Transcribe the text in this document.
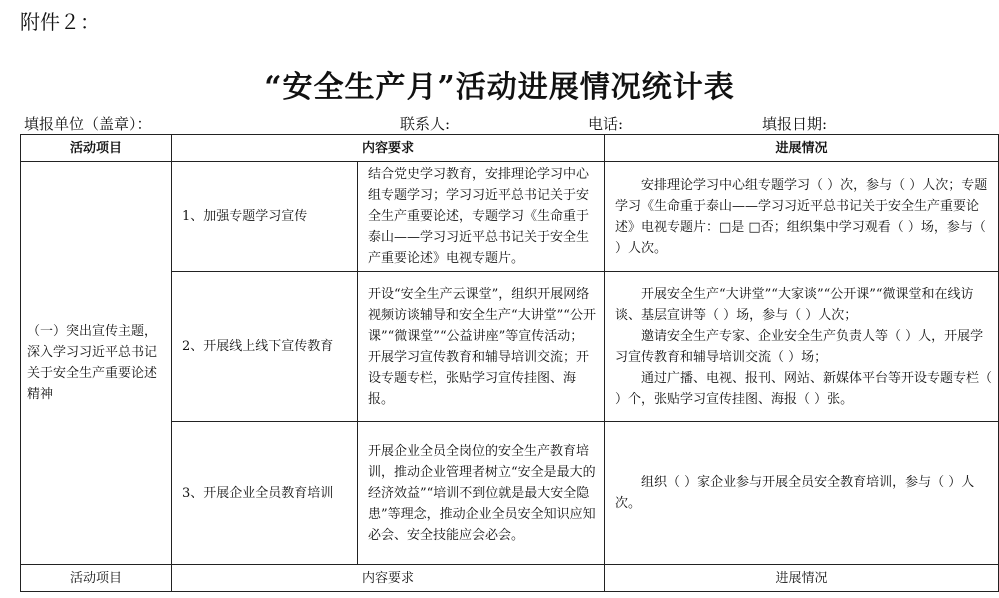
附件２：
“安全生产月”活动进展情况统计表
填报单位（盖章）：	联系人:	电话:	填报日期:
活动项目	内容要求		进展情况
（一）突出宣传主题，深入学习习近平总书记关于安全生产重要论述精神	1、加强专题学习宣传	结合党史学习教育，安排理论学习中心组专题学习；学习习近平总书记关于安全生产重要论述，专题学习《生命重于泰山——学习习近平总书记关于安全生产重要论述》电视专题片。	安排理论学习中心组专题学习（ ）次，参与（ ）人次；专题学习《生命重于泰山——学习习近平总书记关于安全生产重要论述》电视专题片：□是 □否；组织集中学习观看（ ）场，参与（ ）人次。

	2、开展线上线下宣传教育	开设“安全生产云课堂”，组织开展网络视频访谈辅导和安全生产“大讲堂”“公开课”“微课堂”“公益讲座”等宣传活动；开展学习宣传教育和辅导培训交流；开设专题专栏，张贴学习宣传挂图、海报。	开展安全生产“大讲堂”“大家谈”“公开课”“微课堂和在线访谈、基层宣讲等（ ）场，参与（ ）人次；

邀请安全生产专家、企业安全生产负责人等（ ）人，开展学习宣传教育和辅导培训交流（ ）场；

通过广播、电视、报刊、网站、新媒体平台等开设专题专栏（ ）个，张贴学习宣传挂图、海报（ ）张。

	3、开展企业全员教育培训	开展企业全员全岗位的安全生产教育培训，推动企业管理者树立“安全是最大的经济效益”“培训不到位就是最大安全隐患”等理念，推动企业全员安全知识应知必会、安全技能应会必会。	组织（ ）家企业参与开展全员安全教育培训，参与（ ）人次。

活动项目	内容要求		进展情况
